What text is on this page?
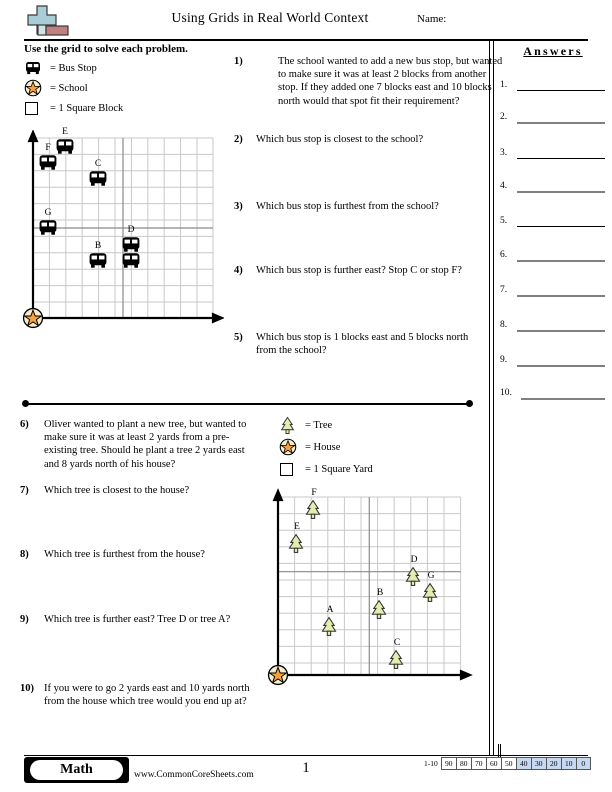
Using Grids in Real World Context	Name:
Use the grid to solve each problem.	Answers
1.
2.
3.
4.
5.
6.
7.
8.
9.
10.
= Bus Stop
= School
= 1 Square Block
1)	The school wanted to add a new bus stop, but wanted to make sure it was at least 2 blocks from another stop. If they added one 7 blocks east and 10 blocks north would that spot fit their requirement?
2)	Which bus stop is closest to the school?
3)	Which bus stop is furthest from the school?
4)	Which bus stop is further east? Stop C or stop F?
5)	Which bus stop is 1 blocks east and 5 blocks north from the school?
B
C
D
E
F
G
= Tree
= House
= 1 Square Yard
6)	Oliver wanted to plant a new tree, but wanted to make sure it was at least 2 yards from a pre-existing tree. Should he plant a tree 2 yards east and 8 yards north of his house?
7)	Which tree is closest to the house?
8)	Which tree is furthest from the house?
9)	Which tree is further east? Tree D or tree A?
10) If you were to go 2 yards east and 10 yards north from the house which tree would you end up at?
A
B
C
D
E
F
G
Math	www.CommonCoreSheets.com	1	1-10 90	80	70	60	50	40	30	20	10	0
